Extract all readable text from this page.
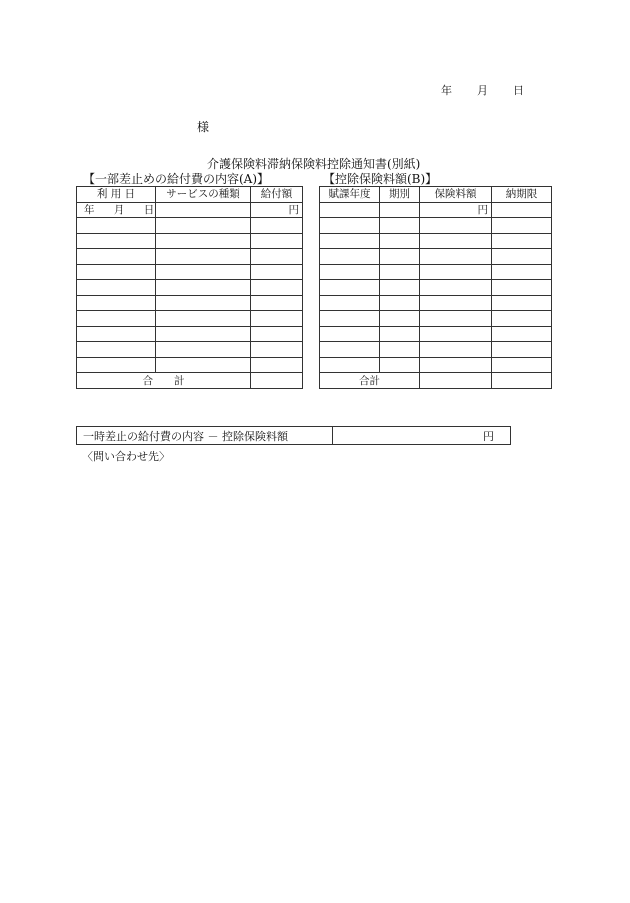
年 月 日
様
介護保険料滞納保険料控除通知書(別紙)
【一部差止めの給付費の内容(A)】	【控除保険料額(B)】
利 用 日	サービスの種類	給付額
年 月 日		円

合　　計		
賦課年度	期別	保険料額	納期限
		円	

合計			
一時差止の給付費の内容 － 控除保険料額	円
〈問い合わせ先〉
